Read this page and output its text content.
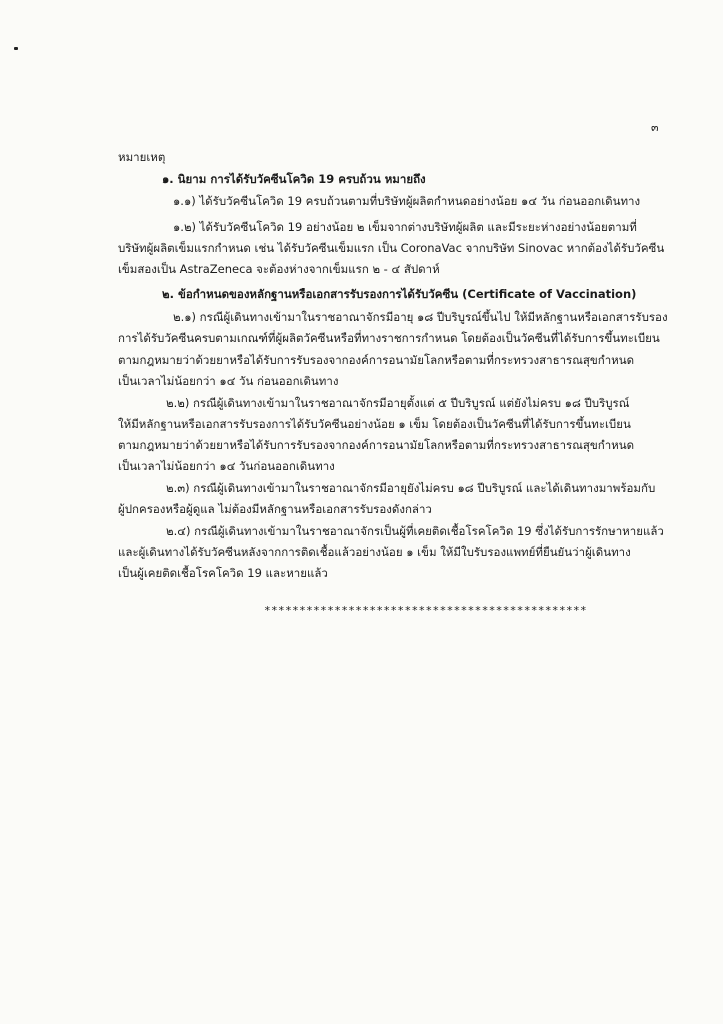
๓
หมายเหตุ
๑. นิยาม การได้รับวัคซีนโควิด 19 ครบถ้วน หมายถึง
๑.๑) ได้รับวัคซีนโควิด 19 ครบถ้วนตามที่บริษัทผู้ผลิตกำหนดอย่างน้อย ๑๔ วัน ก่อนออกเดินทาง
๑.๒) ได้รับวัคซีนโควิด 19 อย่างน้อย ๒ เข็มจากต่างบริษัทผู้ผลิต และมีระยะห่างอย่างน้อยตามที่
บริษัทผู้ผลิตเข็มแรกกำหนด เช่น ได้รับวัคซีนเข็มแรก เป็น CoronaVac จากบริษัท Sinovac หากต้องได้รับวัคซีน
เข็มสองเป็น AstraZeneca จะต้องห่างจากเข็มแรก ๒ - ๔ สัปดาห์
๒. ข้อกำหนดของหลักฐานหรือเอกสารรับรองการได้รับวัคซีน (Certificate of Vaccination)
๒.๑) กรณีผู้เดินทางเข้ามาในราชอาณาจักรมีอายุ ๑๘ ปีบริบูรณ์ขึ้นไป ให้มีหลักฐานหรือเอกสารรับรอง
การได้รับวัคซีนครบตามเกณฑ์ที่ผู้ผลิตวัคซีนหรือที่ทางราชการกำหนด โดยต้องเป็นวัคซีนที่ได้รับการขึ้นทะเบียน
ตามกฎหมายว่าด้วยยาหรือได้รับการรับรองจากองค์การอนามัยโลกหรือตามที่กระทรวงสาธารณสุขกำหนด
เป็นเวลาไม่น้อยกว่า ๑๔ วัน ก่อนออกเดินทาง
๒.๒) กรณีผู้เดินทางเข้ามาในราชอาณาจักรมีอายุตั้งแต่ ๕ ปีบริบูรณ์ แต่ยังไม่ครบ ๑๘ ปีบริบูรณ์
ให้มีหลักฐานหรือเอกสารรับรองการได้รับวัคซีนอย่างน้อย ๑ เข็ม โดยต้องเป็นวัคซีนที่ได้รับการขึ้นทะเบียน
ตามกฎหมายว่าด้วยยาหรือได้รับการรับรองจากองค์การอนามัยโลกหรือตามที่กระทรวงสาธารณสุขกำหนด
เป็นเวลาไม่น้อยกว่า ๑๔ วันก่อนออกเดินทาง
๒.๓) กรณีผู้เดินทางเข้ามาในราชอาณาจักรมีอายุยังไม่ครบ ๑๘ ปีบริบูรณ์ และได้เดินทางมาพร้อมกับ
ผู้ปกครองหรือผู้ดูแล ไม่ต้องมีหลักฐานหรือเอกสารรับรองดังกล่าว
๒.๔) กรณีผู้เดินทางเข้ามาในราชอาณาจักรเป็นผู้ที่เคยติดเชื้อโรคโควิด 19 ซึ่งได้รับการรักษาหายแล้ว
และผู้เดินทางได้รับวัคซีนหลังจากการติดเชื้อแล้วอย่างน้อย ๑ เข็ม ให้มีใบรับรองแพทย์ที่ยืนยันว่าผู้เดินทาง
เป็นผู้เคยติดเชื้อโรคโควิด 19 และหายแล้ว
**********************************************
